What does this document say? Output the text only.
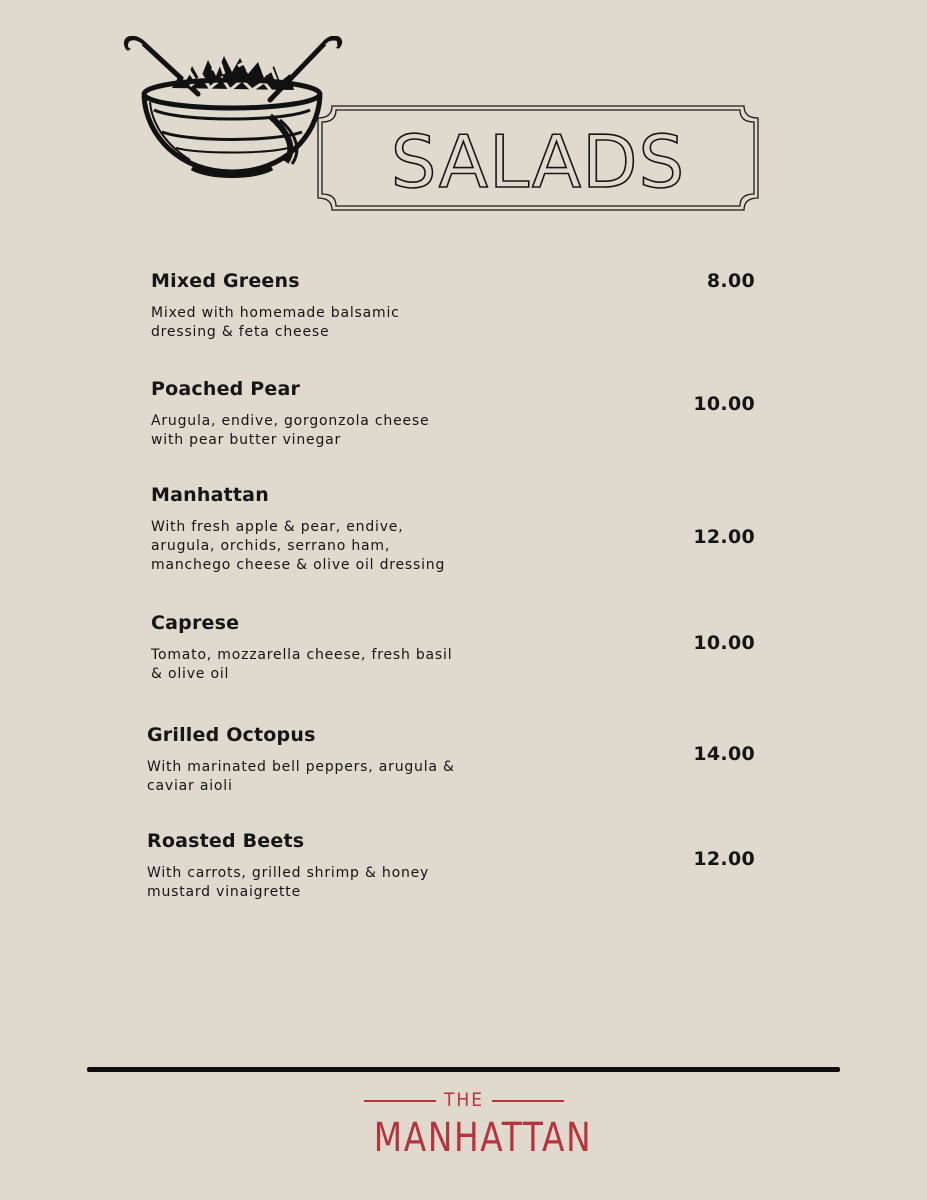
SALADS

Mixed Greens

Mixed with homemade balsamic dressing & feta cheese

8.00

Poached Pear

Arugula, endive, gorgonzola cheese with pear butter vinegar

10.00

Manhattan

With fresh apple & pear, endive, arugula, orchids, serrano ham, manchego cheese & olive oil dressing

12.00

Caprese

Tomato, mozzarella cheese, fresh basil & olive oil

10.00

Grilled Octopus

With marinated bell peppers, arugula & caviar aioli

14.00

Roasted Beets

With carrots, grilled shrimp & honey mustard vinaigrette

12.00
THE
MANHATTAN
